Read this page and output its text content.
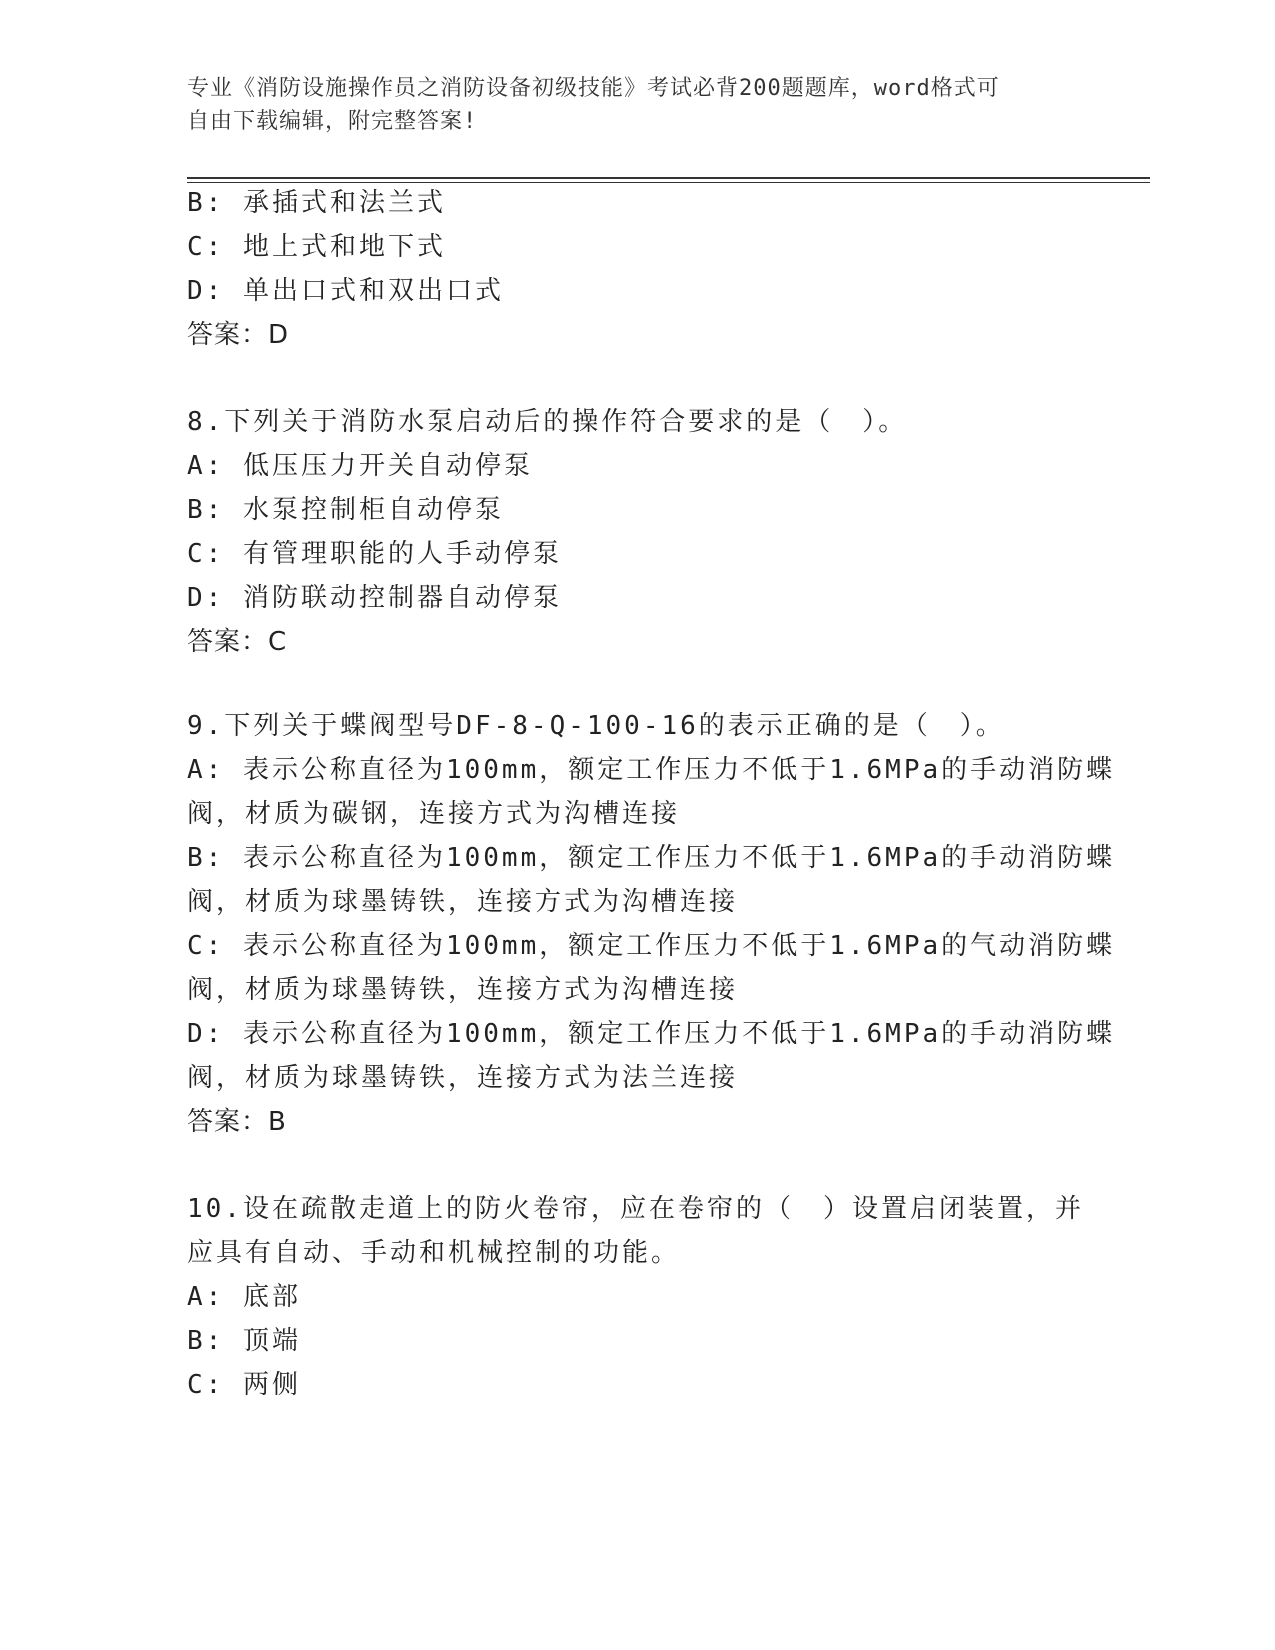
专业《消防设施操作员之消防设备初级技能》考试必背200题题库，word格式可
自由下载编辑，附完整答案!
B: 承插式和法兰式
C: 地上式和地下式
D: 单出口式和双出口式
答案：D
8.下列关于消防水泵启动后的操作符合要求的是（　）。
A: 低压压力开关自动停泵
B: 水泵控制柜自动停泵
C: 有管理职能的人手动停泵
D: 消防联动控制器自动停泵
答案：C
9.下列关于蝶阀型号DF-8-Q-100-16的表示正确的是（　）。
A: 表示公称直径为100mm，额定工作压力不低于1.6MPa的手动消防蝶
阀，材质为碳钢，连接方式为沟槽连接
B: 表示公称直径为100mm，额定工作压力不低于1.6MPa的手动消防蝶
阀，材质为球墨铸铁，连接方式为沟槽连接
C: 表示公称直径为100mm，额定工作压力不低于1.6MPa的气动消防蝶
阀，材质为球墨铸铁，连接方式为沟槽连接
D: 表示公称直径为100mm，额定工作压力不低于1.6MPa的手动消防蝶
阀，材质为球墨铸铁，连接方式为法兰连接
答案：B
10.设在疏散走道上的防火卷帘，应在卷帘的（　）设置启闭装置，并
应具有自动、手动和机械控制的功能。
A: 底部
B: 顶端
C: 两侧
